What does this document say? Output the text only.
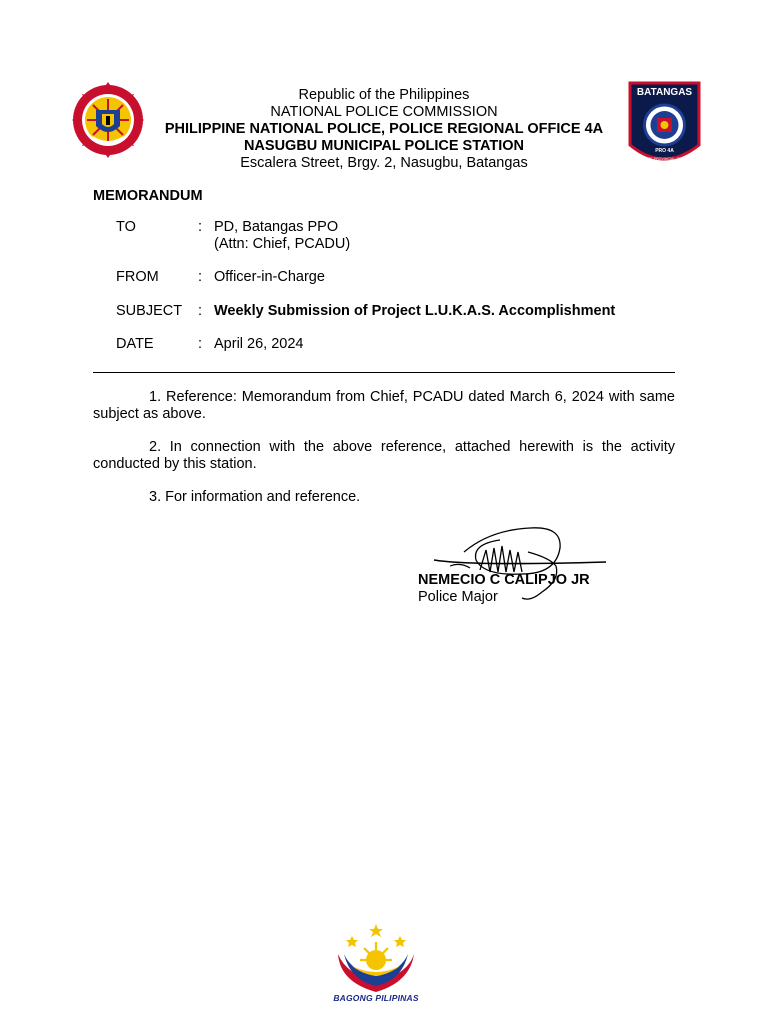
BATANGAS
PRO 4A
POLICE PROVINCIAL OFFICE
Republic of the Philippines
NATIONAL POLICE COMMISSION
PHILIPPINE NATIONAL POLICE, POLICE REGIONAL OFFICE 4A
NASUGBU MUNICIPAL POLICE STATION
Escalera Street, Brgy. 2, Nasugbu, Batangas
MEMORANDUM
TO	: PD, Batangas PPO
(Attn: Chief, PCADU)
FROM	: Officer-in-Charge
SUBJECT	: Weekly Submission of Project L.U.K.A.S. Accomplishment
DATE	: April 26, 2024

1. Reference: Memorandum from Chief, PCADU dated March 6, 2024 with same subject as above.

2. In connection with the above reference, attached herewith is the activity conducted by this station.

3. For information and reference.

NEMECIO C CALIPJO JR
Police Major
BAGONG PILIPINAS
